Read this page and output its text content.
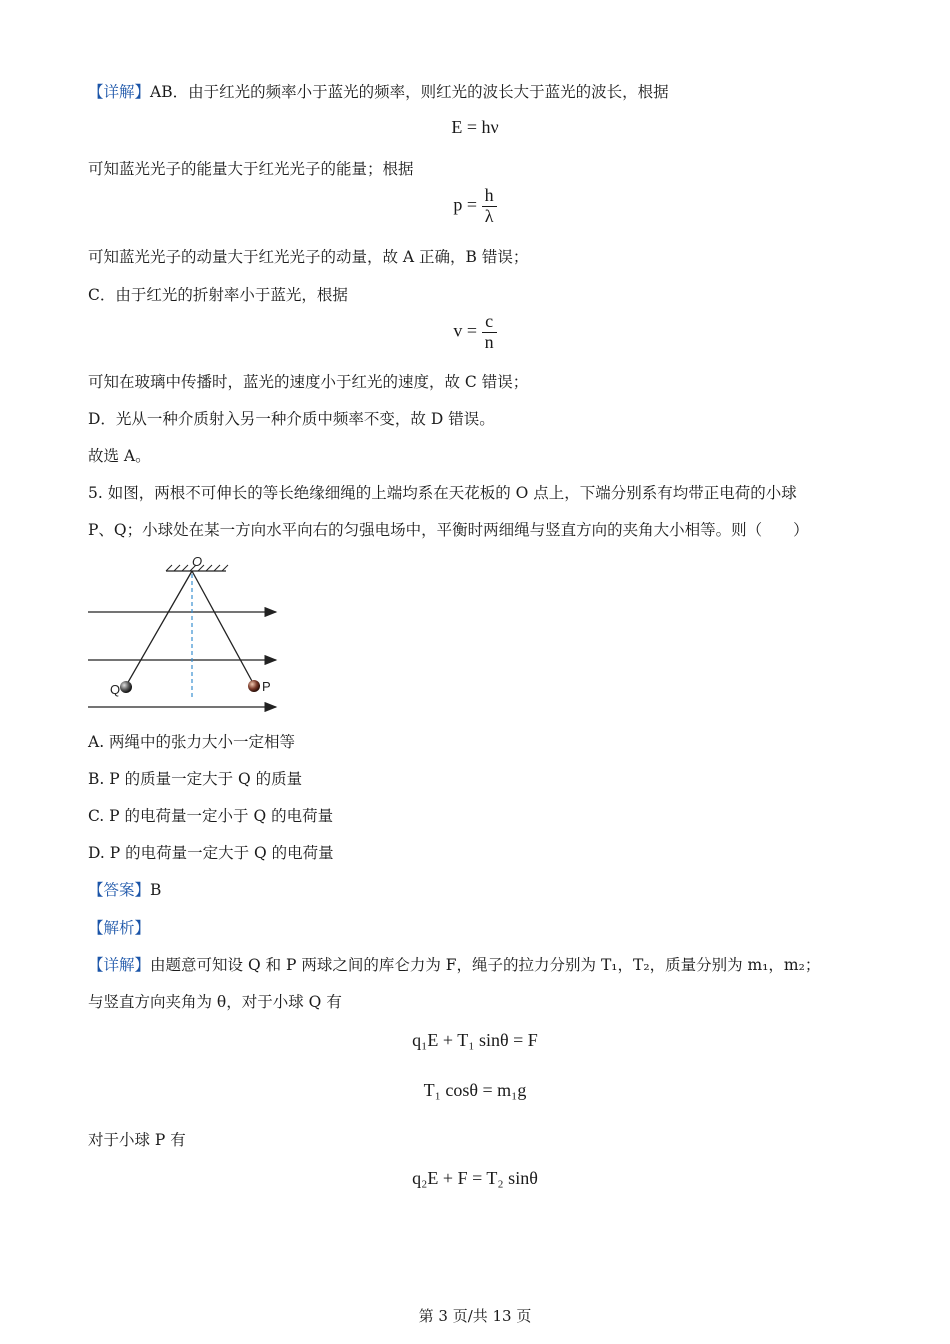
【详解】AB．由于红光的频率小于蓝光的频率，则红光的波长大于蓝光的波长，根据
E = hν
可知蓝光光子的能量大于红光光子的能量；根据
$p = \frac{h}{\lambda}$
可知蓝光光子的动量大于红光光子的动量，故 A 正确，B 错误；
C．由于红光的折射率小于蓝光，根据
$v = \frac{c}{n}$
可知在玻璃中传播时，蓝光的速度小于红光的速度，故 C 错误；
D．光从一种介质射入另一种介质中频率不变，故 D 错误。
故选 A。
5. 如图，两根不可伸长的等长绝缘细绳的上端均系在天花板的 O 点上，下端分别系有均带正电荷的小球
P、Q；小球处在某一方向水平向右的匀强电场中，平衡时两细绳与竖直方向的夹角大小相等。则（　　）
O
Q	P
A. 两绳中的张力大小一定相等
B. P 的质量一定大于 Q 的质量
C. P 的电荷量一定小于 Q 的电荷量
D. P 的电荷量一定大于 Q 的电荷量
【答案】B
【解析】
【详解】由题意可知设 Q 和 P 两球之间的库仑力为 F，绳子的拉力分别为 T₁，T₂，质量分别为 m₁，m₂；
与竖直方向夹角为 θ，对于小球 Q 有
q₁E + T₁ sinθ = F
T₁ cosθ = m₁g
对于小球 P 有
q₂E + F = T₂ sinθ
第 3 页/共 13 页
